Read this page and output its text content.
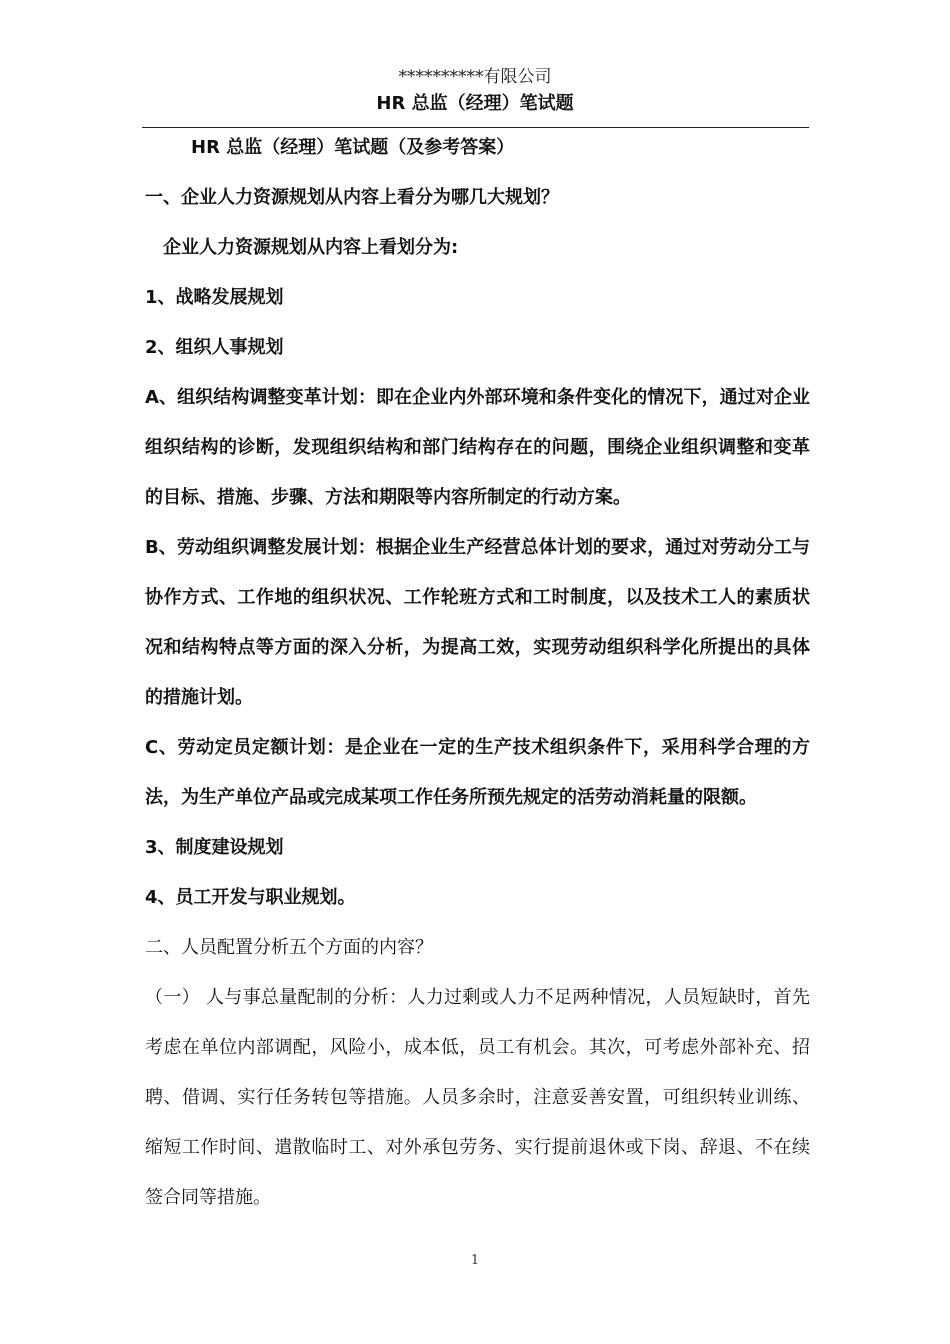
**********有限公司
HR 总监（经理）笔试题

HR 总监（经理）笔试题（及参考答案）

一、企业人力资源规划从内容上看分为哪几大规划？

企业人力资源规划从内容上看划分为:

1、战略发展规划

2、组织人事规划

A、组织结构调整变革计划：即在企业内外部环境和条件变化的情况下，通过对企业组织结构的诊断，发现组织结构和部门结构存在的问题，围绕企业组织调整和变革的目标、措施、步骤、方法和期限等内容所制定的行动方案。

B、劳动组织调整发展计划：根据企业生产经营总体计划的要求，通过对劳动分工与协作方式、工作地的组织状况、工作轮班方式和工时制度，以及技术工人的素质状况和结构特点等方面的深入分析，为提高工效，实现劳动组织科学化所提出的具体的措施计划。

C、劳动定员定额计划：是企业在一定的生产技术组织条件下，采用科学合理的方法，为生产单位产品或完成某项工作任务所预先规定的活劳动消耗量的限额。

3、制度建设规划

4、员工开发与职业规划。

二、人员配置分析五个方面的内容？

（一） 人与事总量配制的分析：人力过剩或人力不足两种情况，人员短缺时，首先考虑在单位内部调配，风险小，成本低，员工有机会。其次，可考虑外部补充、招聘、借调、实行任务转包等措施。人员多余时，注意妥善安置，可组织转业训练、缩短工作时间、遣散临时工、对外承包劳务、实行提前退休或下岗、辞退、不在续签合同等措施。

1
